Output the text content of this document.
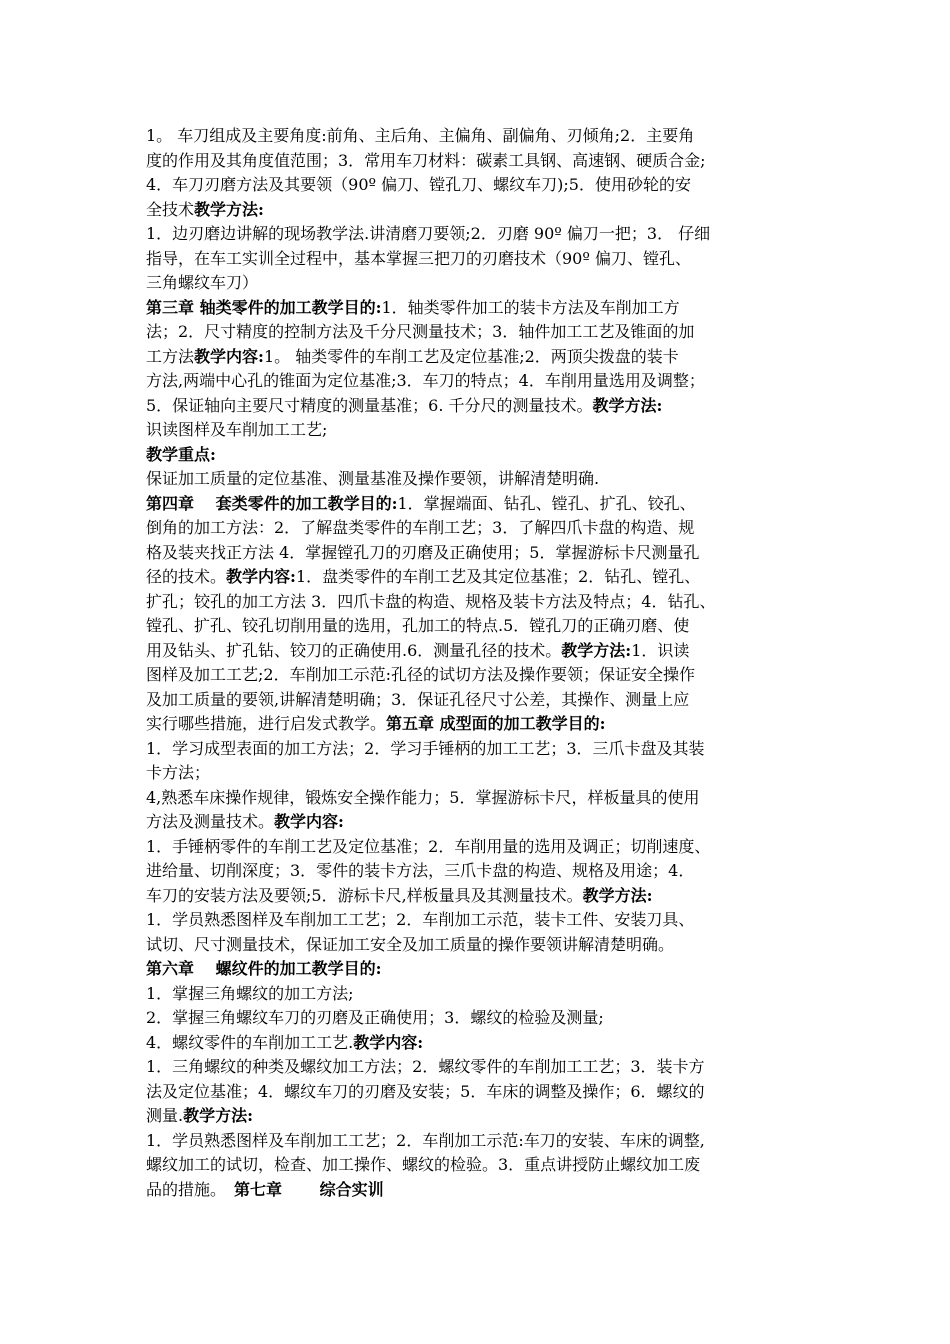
1。 车刀组成及主要角度:前角、主后角、主偏角、副偏角、刃倾角;2．主要角
度的作用及其角度值范围；3．常用车刀材料：碳素工具钢、高速钢、硬质合金;
4．车刀刃磨方法及其要领（90º 偏刀、镗孔刀、螺纹车刀);5．使用砂轮的安
全技术教学方法:
1．边刃磨边讲解的现场教学法.讲清磨刀要领;2．刃磨 90º 偏刀一把；3． 仔细
指导，在车工实训全过程中，基本掌握三把刀的刃磨技术（90º 偏刀、镗孔、
三角螺纹车刀）
第三章 轴类零件的加工教学目的:1．轴类零件加工的装卡方法及车削加工方
法；2．尺寸精度的控制方法及千分尺测量技术；3．轴件加工工艺及锥面的加
工方法教学内容:1。 轴类零件的车削工艺及定位基准;2．两顶尖拨盘的装卡
方法,两端中心孔的锥面为定位基准;3．车刀的特点；4．车削用量选用及调整；
5．保证轴向主要尺寸精度的测量基准；6. 千分尺的测量技术。教学方法:
识读图样及车削加工工艺;
教学重点:
保证加工质量的定位基准、测量基准及操作要领，讲解清楚明确.
第四章　 套类零件的加工教学目的:1．掌握端面、钻孔、镗孔、扩孔、铰孔、
倒角的加工方法：2．了解盘类零件的车削工艺；3．了解四爪卡盘的构造、规
格及装夹找正方法 4．掌握镗孔刀的刃磨及正确使用；5．掌握游标卡尺测量孔
径的技术。教学内容:1．盘类零件的车削工艺及其定位基准；2．钻孔、镗孔、
扩孔；铰孔的加工方法 3．四爪卡盘的构造、规格及装卡方法及特点；4．钻孔、
镗孔、扩孔、铰孔切削用量的选用，孔加工的特点.5．镗孔刀的正确刃磨、使
用及钻头、扩孔钻、铰刀的正确使用.6．测量孔径的技术。教学方法:1．识读
图样及加工工艺;2．车削加工示范:孔径的试切方法及操作要领；保证安全操作
及加工质量的要领,讲解清楚明确；3．保证孔径尺寸公差，其操作、测量上应
实行哪些措施，进行启发式教学。第五章 成型面的加工教学目的:
1．学习成型表面的加工方法；2．学习手锤柄的加工工艺；3．三爪卡盘及其装
卡方法；
4,熟悉车床操作规律，锻炼安全操作能力；5．掌握游标卡尺，样板量具的使用
方法及测量技术。教学内容:
1．手锤柄零件的车削工艺及定位基准；2．车削用量的选用及调正；切削速度、
进给量、切削深度；3．零件的装卡方法，三爪卡盘的构造、规格及用途；4．
车刀的安装方法及要领;5．游标卡尺,样板量具及其测量技术。教学方法:
1．学员熟悉图样及车削加工工艺；2．车削加工示范，装卡工件、安装刀具、
试切、尺寸测量技术，保证加工安全及加工质量的操作要领讲解清楚明确。
第六章　 螺纹件的加工教学目的:
1．掌握三角螺纹的加工方法;
2．掌握三角螺纹车刀的刃磨及正确使用；3．螺纹的检验及测量;
4．螺纹零件的车削加工工艺.教学内容:
1．三角螺纹的种类及螺纹加工方法；2．螺纹零件的车削加工工艺；3．装卡方
法及定位基准；4．螺纹车刀的刃磨及安装；5．车床的调整及操作；6．螺纹的
测量.教学方法:
1．学员熟悉图样及车削加工工艺；2．车削加工示范:车刀的安装、车床的调整,
螺纹加工的试切，检查、加工操作、螺纹的检验。3．重点讲授防止螺纹加工废
品的措施。　第七章　　 综合实训
